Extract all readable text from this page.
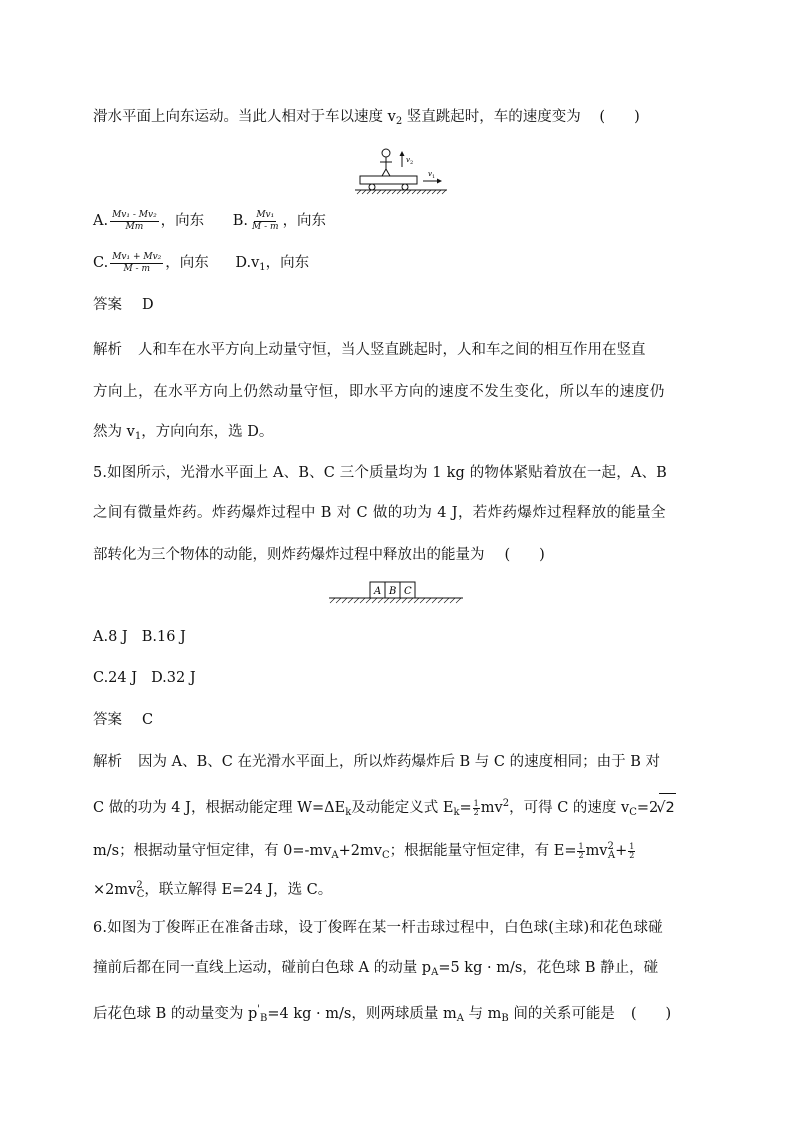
滑水平面上向东运动。当此人相对于车以速度 $v_2$ 竖直跳起时，车的速度变为 (　　)
v 2
v 1
A. $\frac{\text{Mv₁ - Mv₂}}{Mm}$ ，向东 B. $\frac{\text{Mv₁}}{M - m}$ ，向东
C. $\frac{\text{Mv₁ + Mv₂}}{M - m}$ ，向东 $D.v_1$，向东
答案 D
解析 人和车在水平方向上动量守恒，当人竖直跳起时，人和车之间的相互作用在竖直
方向上，在水平方向上仍然动量守恒，即水平方向的速度不发生变化，所以车的速度仍
然为 $v_1$，方向向东，选 D。
5.如图所示，光滑水平面上 A、B、C 三个质量均为 1 kg 的物体紧贴着放在一起，A、B
之间有微量炸药。炸药爆炸过程中 B 对 C 做的功为 4 J，若炸药爆炸过程释放的能量全
部转化为三个物体的动能，则炸药爆炸过程中释放出的能量为 (　　)
A B C
A.8 J B.16 J
C.24 J D.32 J
答案 C
解析 因为 A、B、C 在光滑水平面上，所以炸药爆炸后 B 与 C 的速度相同；由于 B 对
C 做的功为 4 J，根据动能定理 $W=\Delta E_k$及动能定义式 $E_k= \frac{1}{2} mv^2$，可得 C 的速度 $v_C=2√2$
m/s；根据动量守恒定律，有 $0=-mv_A+2mv_C$；根据能量守恒定律，有 $E= \frac{1}{2} mv^2_A+ \frac{1}{2}$
$\times 2mv^2_C$，联立解得 E=24 J，选 C。
6.如图为丁俊晖正在准备击球，设丁俊晖在某一杆击球过程中，白色球(主球)和花色球碰
撞前后都在同一直线上运动，碰前白色球 A 的动量 $p_A=5$ kg · m/s，花色球 B 静止，碰
后花色球 B 的动量变为 $p'_B=4$ kg · m/s，则两球质量 $m_A$ 与 $m_B$ 间的关系可能是 (　　)
